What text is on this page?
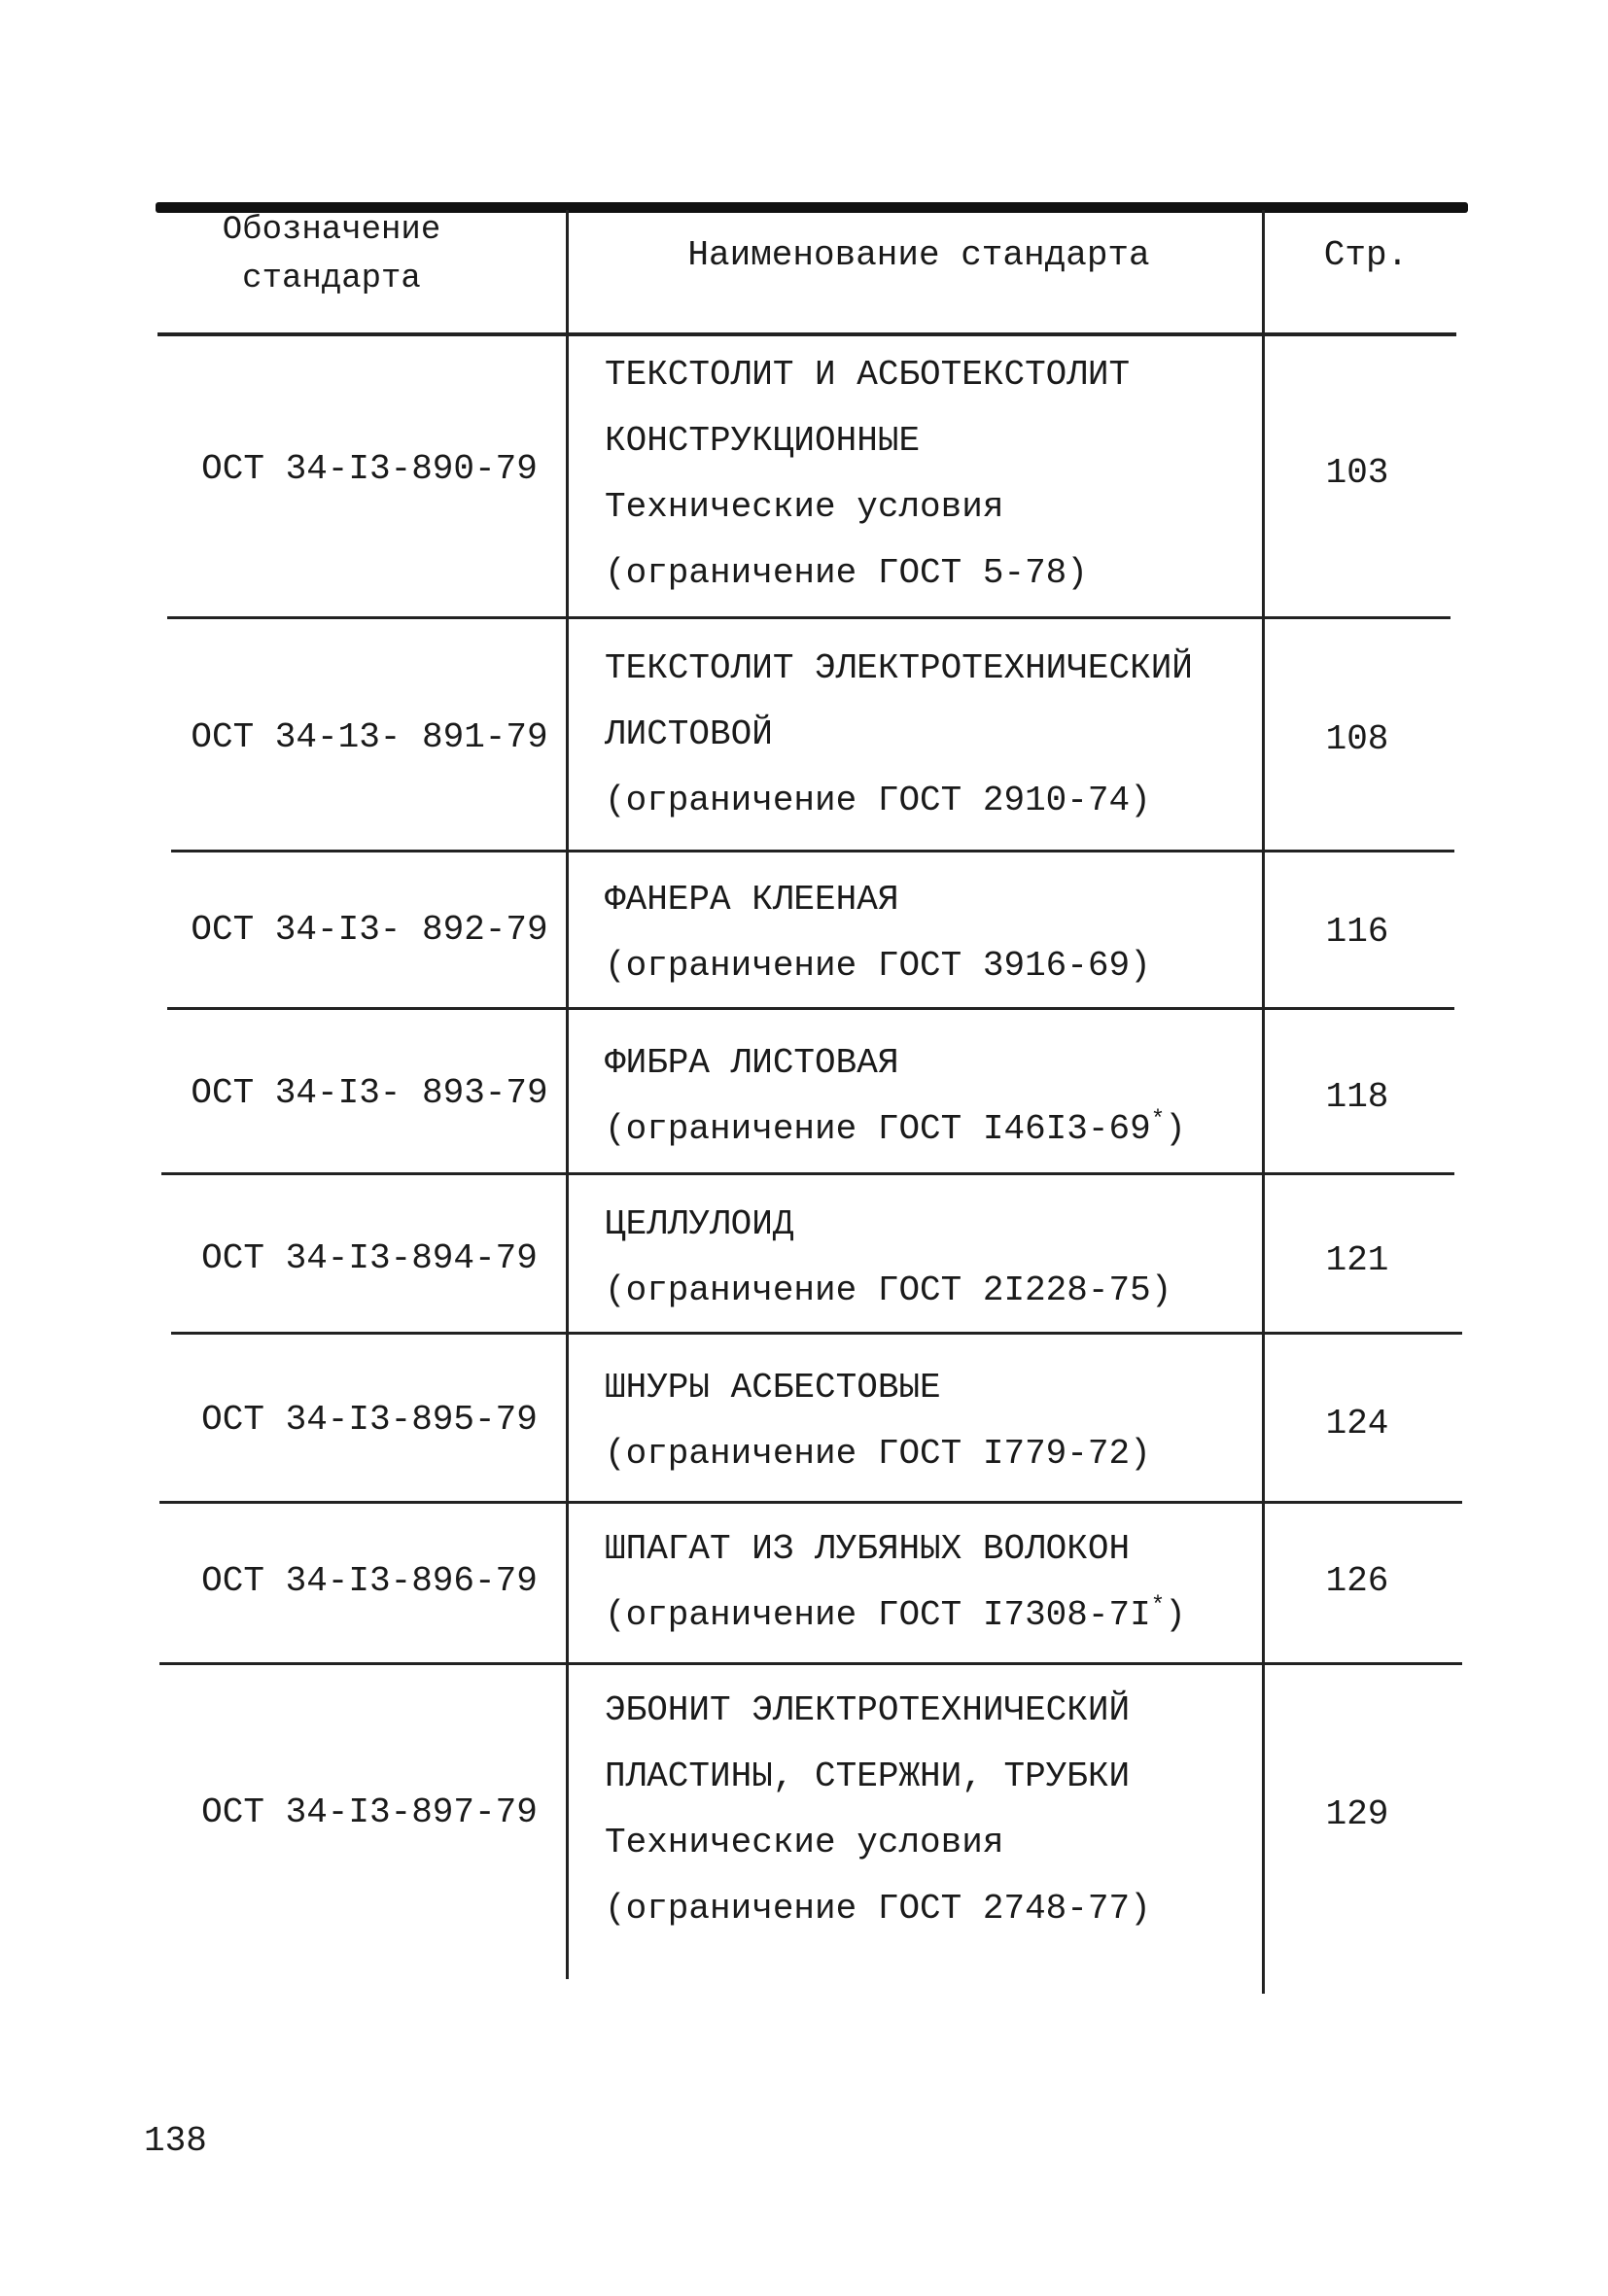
Обозначение
стандарта
Наименование стандарта	Стр.
ОСТ 34-I3-890-79
ТЕКСТОЛИТ И АСБОТЕКСТОЛИТ
КОНСТРУКЦИОННЫЕ
Технические условия
(ограничение ГОСТ 5-78)
103
ОСТ 34-13- 891-79
ТЕКСТОЛИТ ЭЛЕКТРОТЕХНИЧЕСКИЙ
ЛИСТОВОЙ
(ограничение ГОСТ 2910-74)
108
ОСТ 34-I3- 892-79
ФАНЕРА КЛЕЕНАЯ
(ограничение ГОСТ 3916-69)
116
ОСТ 34-I3- 893-79
ФИБРА ЛИСТОВАЯ
(ограничение ГОСТ I46I3-69*)
118
ОСТ 34-I3-894-79
ЦЕЛЛУЛОИД
(ограничение ГОСТ 2I228-75)
121
ОСТ 34-I3-895-79
ШНУРЫ АСБЕСТОВЫЕ
(ограничение ГОСТ I779-72)
124
ОСТ 34-I3-896-79
ШПАГАТ ИЗ ЛУБЯНЫХ ВОЛОКОН
(ограничение ГОСТ I7308-7I*)
126
ОСТ 34-I3-897-79
ЭБОНИТ ЭЛЕКТРОТЕХНИЧЕСКИЙ
ПЛАСТИНЫ, СТЕРЖНИ, ТРУБКИ
Технические условия
(ограничение ГОСТ 2748-77)
129
138
